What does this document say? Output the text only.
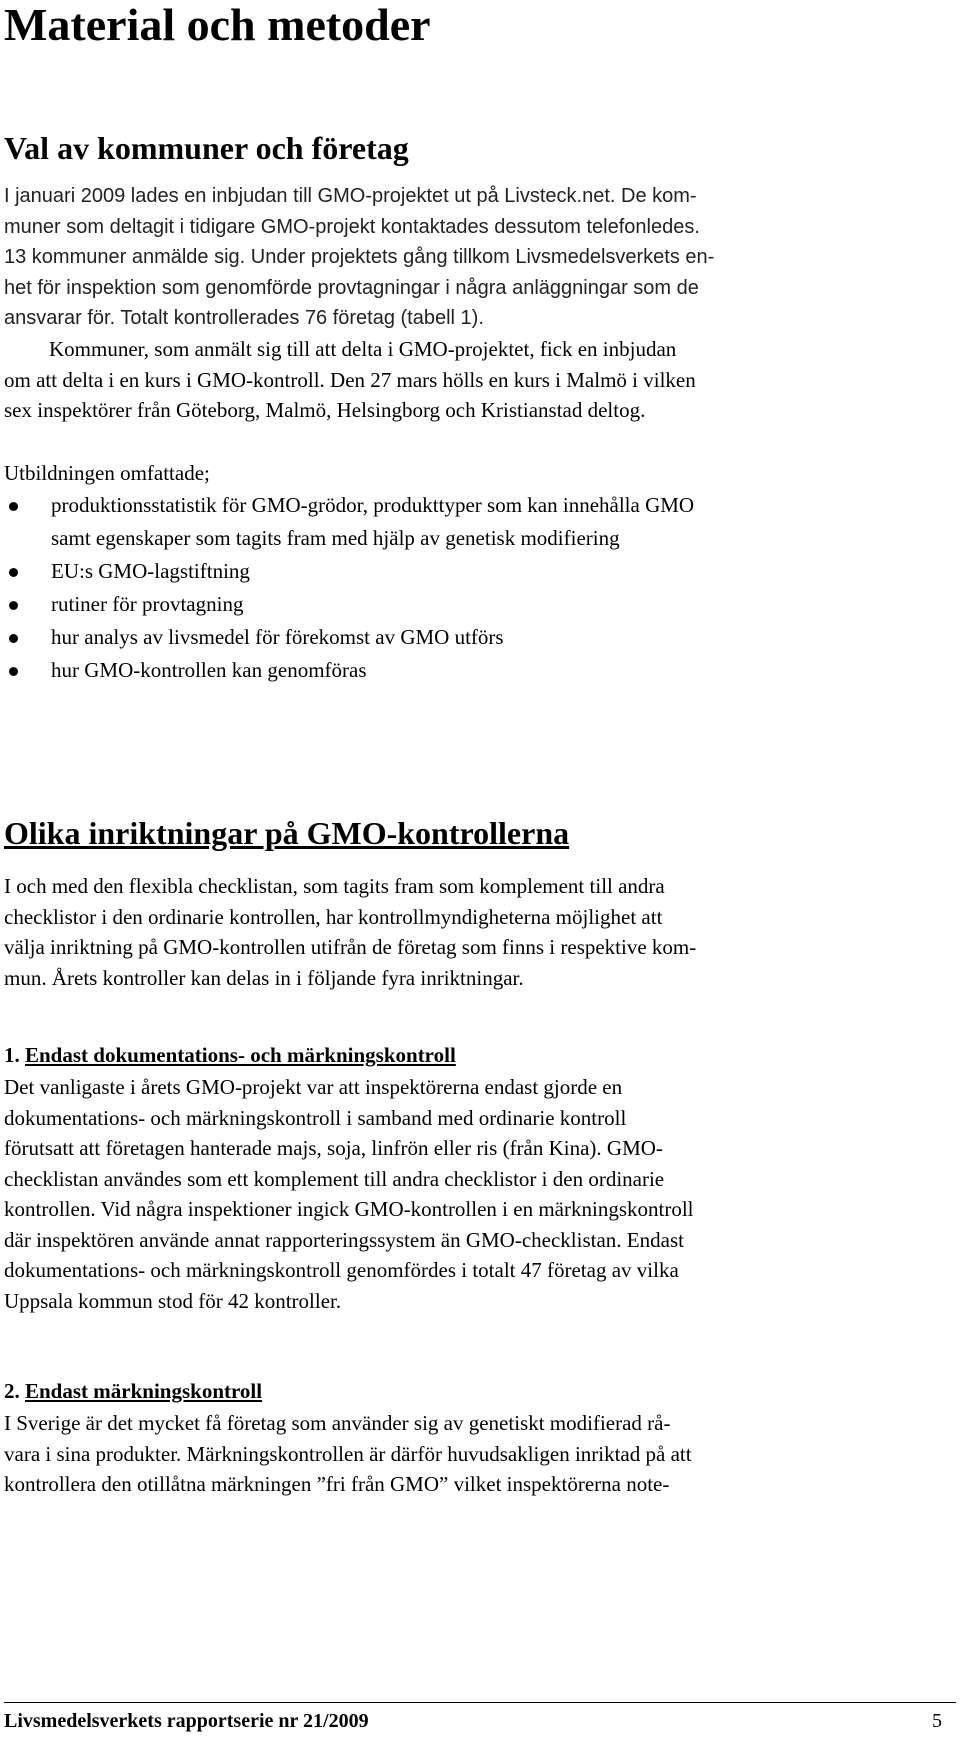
Material och metoder
Val av kommuner och företag
I januari 2009 lades en inbjudan till GMO-projektet ut på Livsteck.net. De kom-
muner som deltagit i tidigare GMO-projekt kontaktades dessutom telefonledes.
13 kommuner anmälde sig. Under projektets gång tillkom Livsmedelsverkets en-
het för inspektion som genomförde provtagningar i några anläggningar som de
ansvarar för. Totalt kontrollerades 76 företag (tabell 1).
Kommuner, som anmält sig till att delta i GMO-projektet, fick en inbjudan
om att delta i en kurs i GMO-kontroll. Den 27 mars hölls en kurs i Malmö i vilken
sex inspektörer från Göteborg, Malmö, Helsingborg och Kristianstad deltog.
Utbildningen omfattade;
produktionsstatistik för GMO-grödor, produkttyper som kan innehålla GMO
samt egenskaper som tagits fram med hjälp av genetisk modifiering
EU:s GMO-lagstiftning
rutiner för provtagning
hur analys av livsmedel för förekomst av GMO utförs
hur GMO-kontrollen kan genomföras
Olika inriktningar på GMO-kontrollerna
I och med den flexibla checklistan, som tagits fram som komplement till andra
checklistor i den ordinarie kontrollen, har kontrollmyndigheterna möjlighet att
välja inriktning på GMO-kontrollen utifrån de företag som finns i respektive kom-
mun. Årets kontroller kan delas in i följande fyra inriktningar.
1. Endast dokumentations- och märkningskontroll
Det vanligaste i årets GMO-projekt var att inspektörerna endast gjorde en
dokumentations- och märkningskontroll i samband med ordinarie kontroll
förutsatt att företagen hanterade majs, soja, linfrön eller ris (från Kina). GMO-
checklistan användes som ett komplement till andra checklistor i den ordinarie
kontrollen. Vid några inspektioner ingick GMO-kontrollen i en märkningskontroll
där inspektören använde annat rapporteringssystem än GMO-checklistan. Endast
dokumentations- och märkningskontroll genomfördes i totalt 47 företag av vilka
Uppsala kommun stod för 42 kontroller.
2. Endast märkningskontroll
I Sverige är det mycket få företag som använder sig av genetiskt modifierad rå-
vara i sina produkter. Märkningskontrollen är därför huvudsakligen inriktad på att
kontrollera den otillåtna märkningen ”fri från GMO” vilket inspektörerna note-
Livsmedelsverkets rapportserie nr 21/2009	5
